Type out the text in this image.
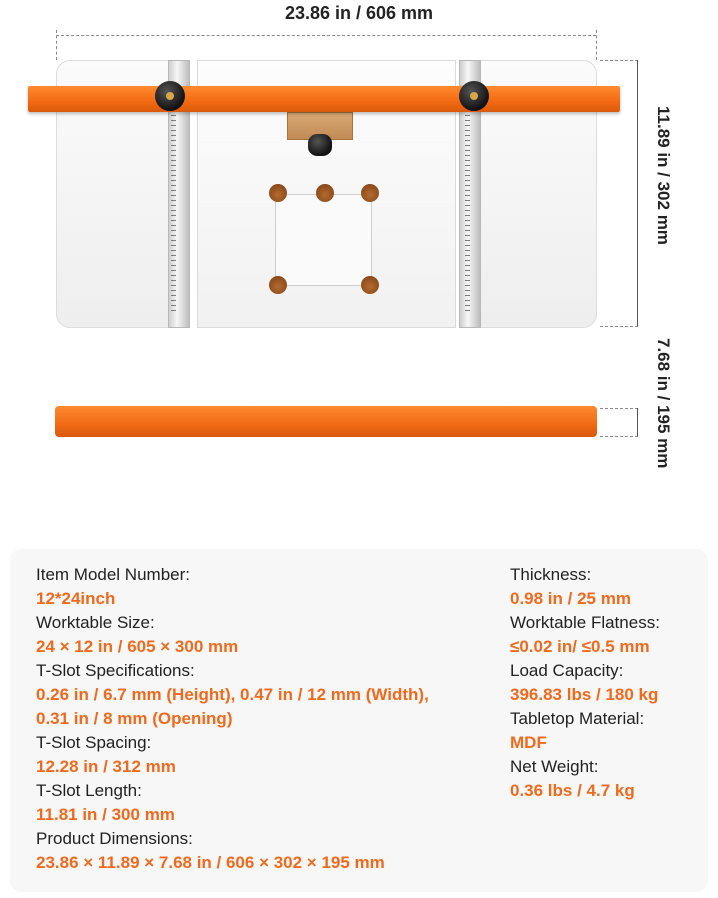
23.86 in / 606 mm
11.89 in / 302 mm
7.68 in / 195 mm
Item Model Number:
12*24inch
Worktable Size:
24 × 12 in / 605 × 300 mm
T-Slot Specifications:
0.26 in / 6.7 mm (Height), 0.47 in / 12 mm (Width),
0.31 in / 8 mm (Opening)
T-Slot Spacing:
12.28 in / 312 mm
T-Slot Length:
11.81 in / 300 mm
Product Dimensions:
23.86 × 11.89 × 7.68 in / 606 × 302 × 195 mm
Thickness:
0.98 in / 25 mm
Worktable Flatness:
≤0.02 in/ ≤0.5 mm
Load Capacity:
396.83 lbs / 180 kg
Tabletop Material:
MDF
Net Weight:
0.36 lbs / 4.7 kg
